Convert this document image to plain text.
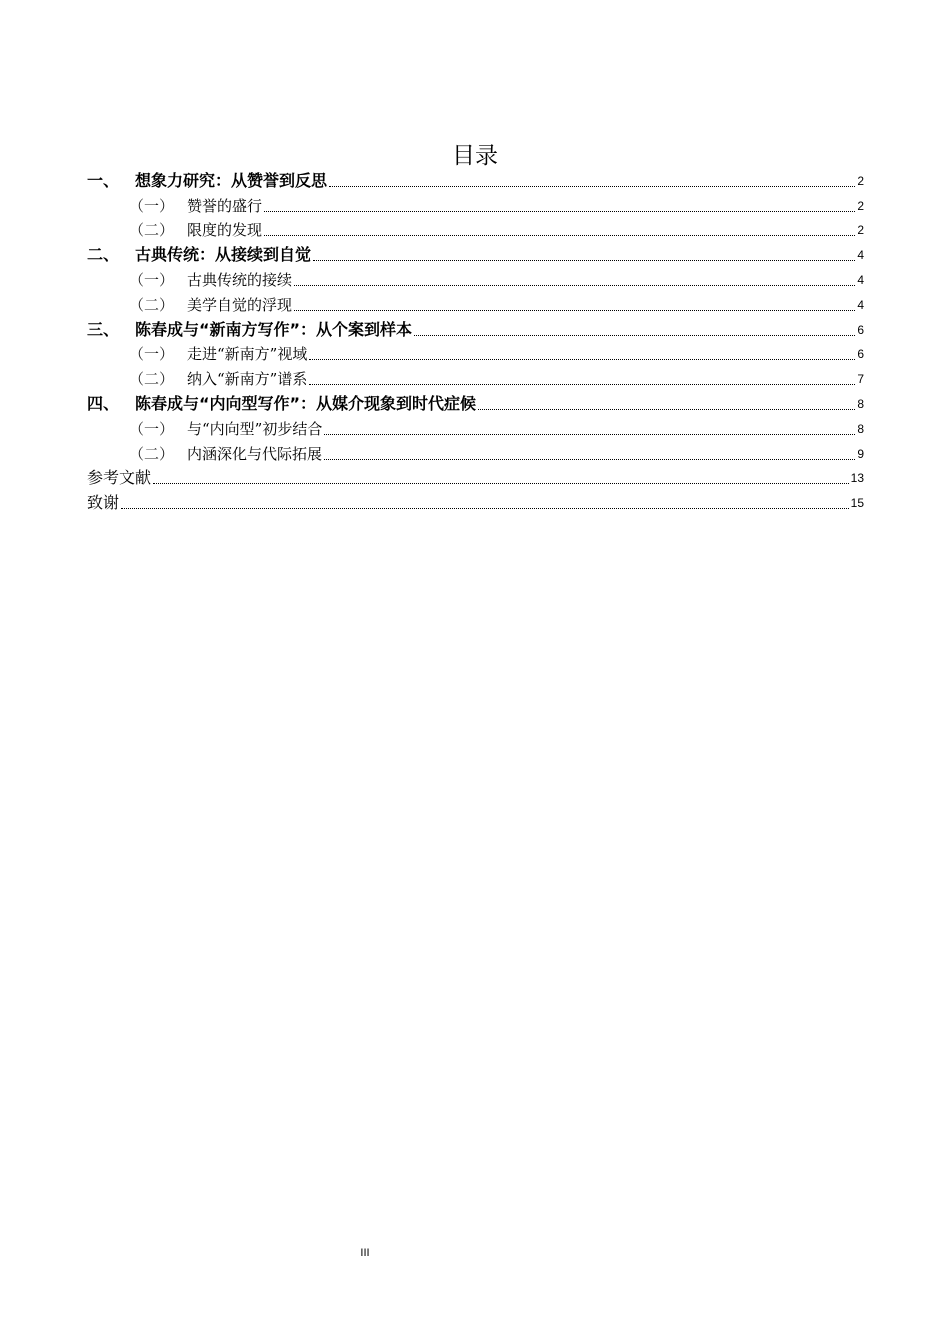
目录
一、 想象力研究：从赞誉到反思	2
（一） 赞誉的盛行	2
（二） 限度的发现	2
二、 古典传统：从接续到自觉	4
（一） 古典传统的接续	4
（二） 美学自觉的浮现	4
三、 陈春成与“新南方写作”：从个案到样本	6
（一） 走进“新南方”视域	6
（二） 纳入“新南方”谱系	7
四、 陈春成与“内向型写作”：从媒介现象到时代症候	8
（一） 与“内向型”初步结合	8
（二） 内涵深化与代际拓展	9
参考文献	13
致谢	15
III
